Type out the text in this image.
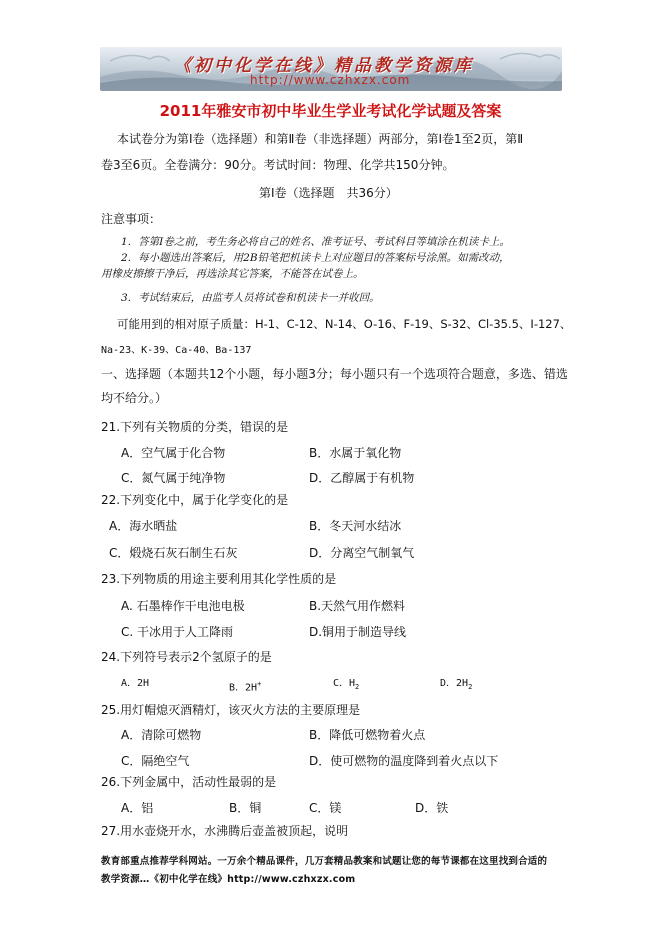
《初中化学在线》精品教学资源库
http://www.czhxzx.com
2011年雅安市初中毕业生学业考试化学试题及答案
本试卷分为第Ⅰ卷（选择题）和第Ⅱ卷（非选择题）两部分，第Ⅰ卷1至2页，第Ⅱ
卷3至6页。全卷满分：90分。考试时间：物理、化学共150分钟。
第Ⅰ卷（选择题　共36分）
注意事项：
1．答第Ⅰ卷之前，考生务必将自己的姓名、准考证号、考试科目等填涂在机读卡上。
2．每小题选出答案后，用2B铅笔把机读卡上对应题目的答案标号涂黑。如需改动，
用橡皮擦擦干净后，再选涂其它答案，不能答在试卷上。
3．考试结束后，由监考人员将试卷和机读卡一并收回。
可能用到的相对原子质量：H-1、C-12、N-14、O-16、F-19、S-32、Cl-35.5、I-127、
Na-23、K-39、Ca-40、Ba-137
一、选择题（本题共12个小题，每小题3分；每小题只有一个选项符合题意，多选、错选
均不给分。）
21.下列有关物质的分类，错误的是
A．空气属于化合物	B．水属于氧化物
C．氮气属于纯净物	D．乙醇属于有机物
22.下列变化中，属于化学变化的是
A．海水晒盐	B．冬天河水结冰
C．煅烧石灰石制生石灰	D．分离空气制氧气
23.下列物质的用途主要利用其化学性质的是
A. 石墨棒作干电池电极	B.天然气用作燃料
C. 干冰用于人工降雨	D.铜用于制造导线
24.下列符号表示2个氢原子的是
A．2H	B．2H+	C．$H_2$	D．$2H_2$
25.用灯帽熄灭酒精灯，该灭火方法的主要原理是
A．清除可燃物	B．降低可燃物着火点
C．隔绝空气	D．使可燃物的温度降到着火点以下
26.下列金属中，活动性最弱的是
A．铝	B．铜	C．镁	D．铁
27.用水壶烧开水，水沸腾后壶盖被顶起，说明
教育部重点推荐学科网站。一万余个精品课件，几万套精品教案和试题让您的每节课都在这里找到合适的
教学资源…《初中化学在线》http://www.czhxzx.com
